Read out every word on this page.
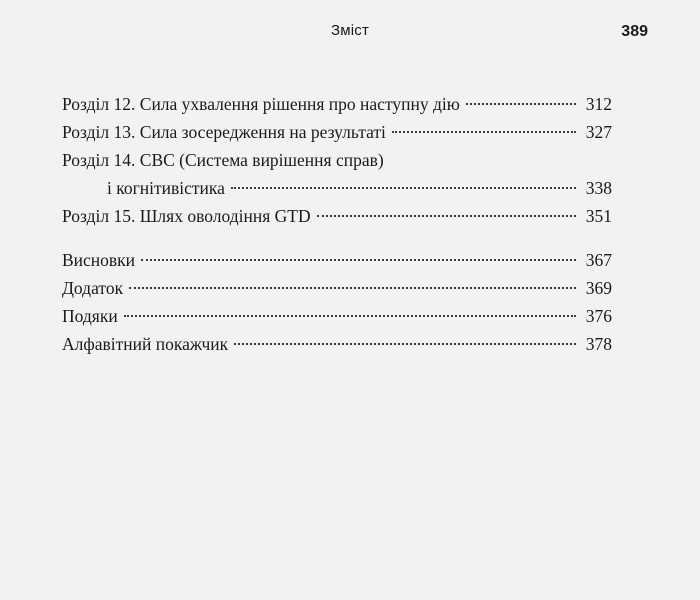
Зміст	389
Розділ 12. Сила ухвалення рішення про наступну дію	312
Розділ 13. Сила зосередження на результаті	327
Розділ 14. СВС (Система вирішення справ)
і когнітивістика	338
Розділ 15. Шлях оволодіння GTD	351
Висновки	367
Додаток	369
Подяки	376
Алфавітний покажчик	378
